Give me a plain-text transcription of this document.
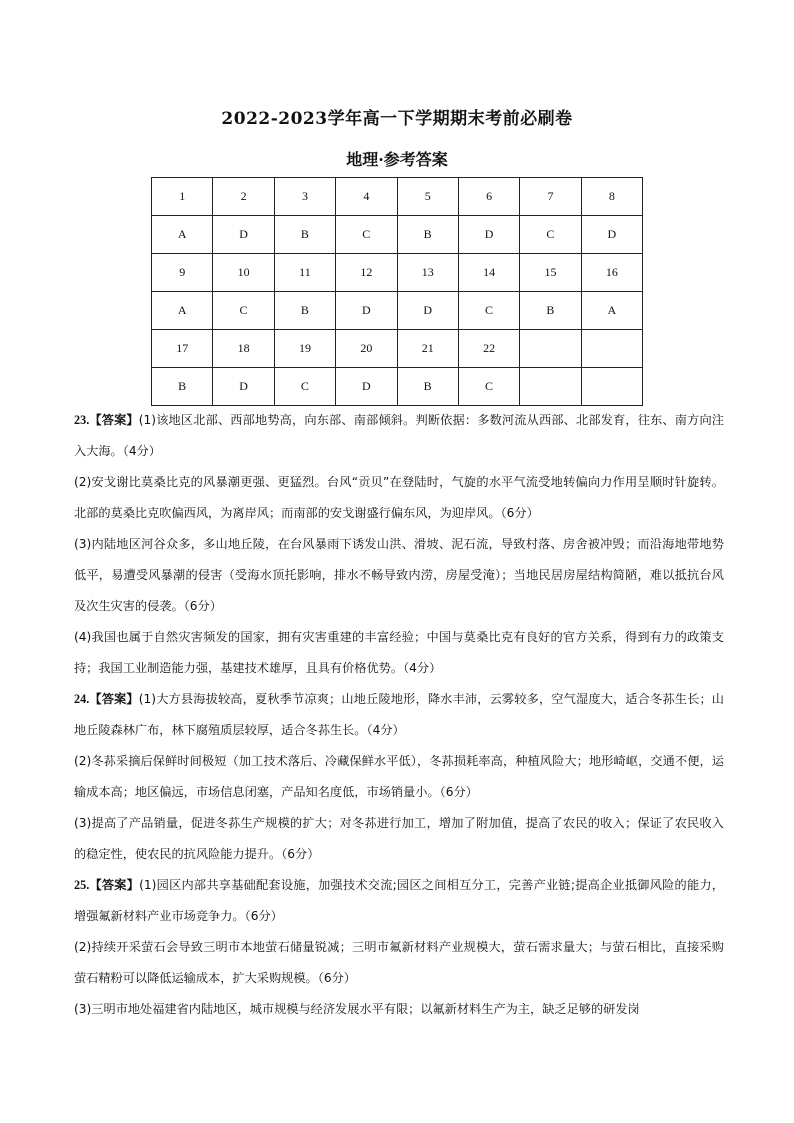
2022-2023学年高一下学期期末考前必刷卷
地理·参考答案
1	2	3	4	5	6	7	8
A	D	B	C	B	D	C	D
9	10	11	12	13	14	15	16
A	C	B	D	D	C	B	A
17	18	19	20	21	22		
B	D	C	D	B	C		

23.【答案】(1)该地区北部、西部地势高，向东部、南部倾斜。判断依据：多数河流从西部、北部发育，往东、南方向注入大海。（4分）

(2)安戈谢比莫桑比克的风暴潮更强、更猛烈。台风“贡贝”在登陆时，气旋的水平气流受地转偏向力作用呈顺时针旋转。北部的莫桑比克吹偏西风，为离岸风；而南部的安戈谢盛行偏东风，为迎岸风。（6分）

(3)内陆地区河谷众多，多山地丘陵，在台风暴雨下诱发山洪、滑坡、泥石流，导致村落、房舍被冲毁；而沿海地带地势低平，易遭受风暴潮的侵害（受海水顶托影响，排水不畅导致内涝，房屋受淹）；当地民居房屋结构简陋，难以抵抗台风及次生灾害的侵袭。（6分）

(4)我国也属于自然灾害频发的国家，拥有灾害重建的丰富经验；中国与莫桑比克有良好的官方关系，得到有力的政策支持；我国工业制造能力强，基建技术雄厚，且具有价格优势。（4分）

24.【答案】(1)大方县海拔较高，夏秋季节凉爽；山地丘陵地形，降水丰沛，云雾较多，空气湿度大，适合冬荪生长；山地丘陵森林广布，林下腐殖质层较厚，适合冬荪生长。（4分）

(2)冬荪采摘后保鲜时间极短（加工技术落后、冷藏保鲜水平低），冬荪损耗率高，种植风险大；地形崎岖，交通不便，运输成本高；地区偏远，市场信息闭塞，产品知名度低，市场销量小。（6分）

(3)提高了产品销量，促进冬荪生产规模的扩大；对冬荪进行加工，增加了附加值，提高了农民的收入；保证了农民收入的稳定性，使农民的抗风险能力提升。（6分）

25.【答案】(1)园区内部共享基础配套设施，加强技术交流;园区之间相互分工，完善产业链;提高企业抵御风险的能力，增强氟新材料产业市场竞争力。（6分）

(2)持续开采萤石会导致三明市本地萤石储量锐减；三明市氟新材料产业规模大，萤石需求量大；与萤石相比，直接采购萤石精粉可以降低运输成本，扩大采购规模。（6分）

(3)三明市地处福建省内陆地区，城市规模与经济发展水平有限；以氟新材料生产为主，缺乏足够的研发岗
